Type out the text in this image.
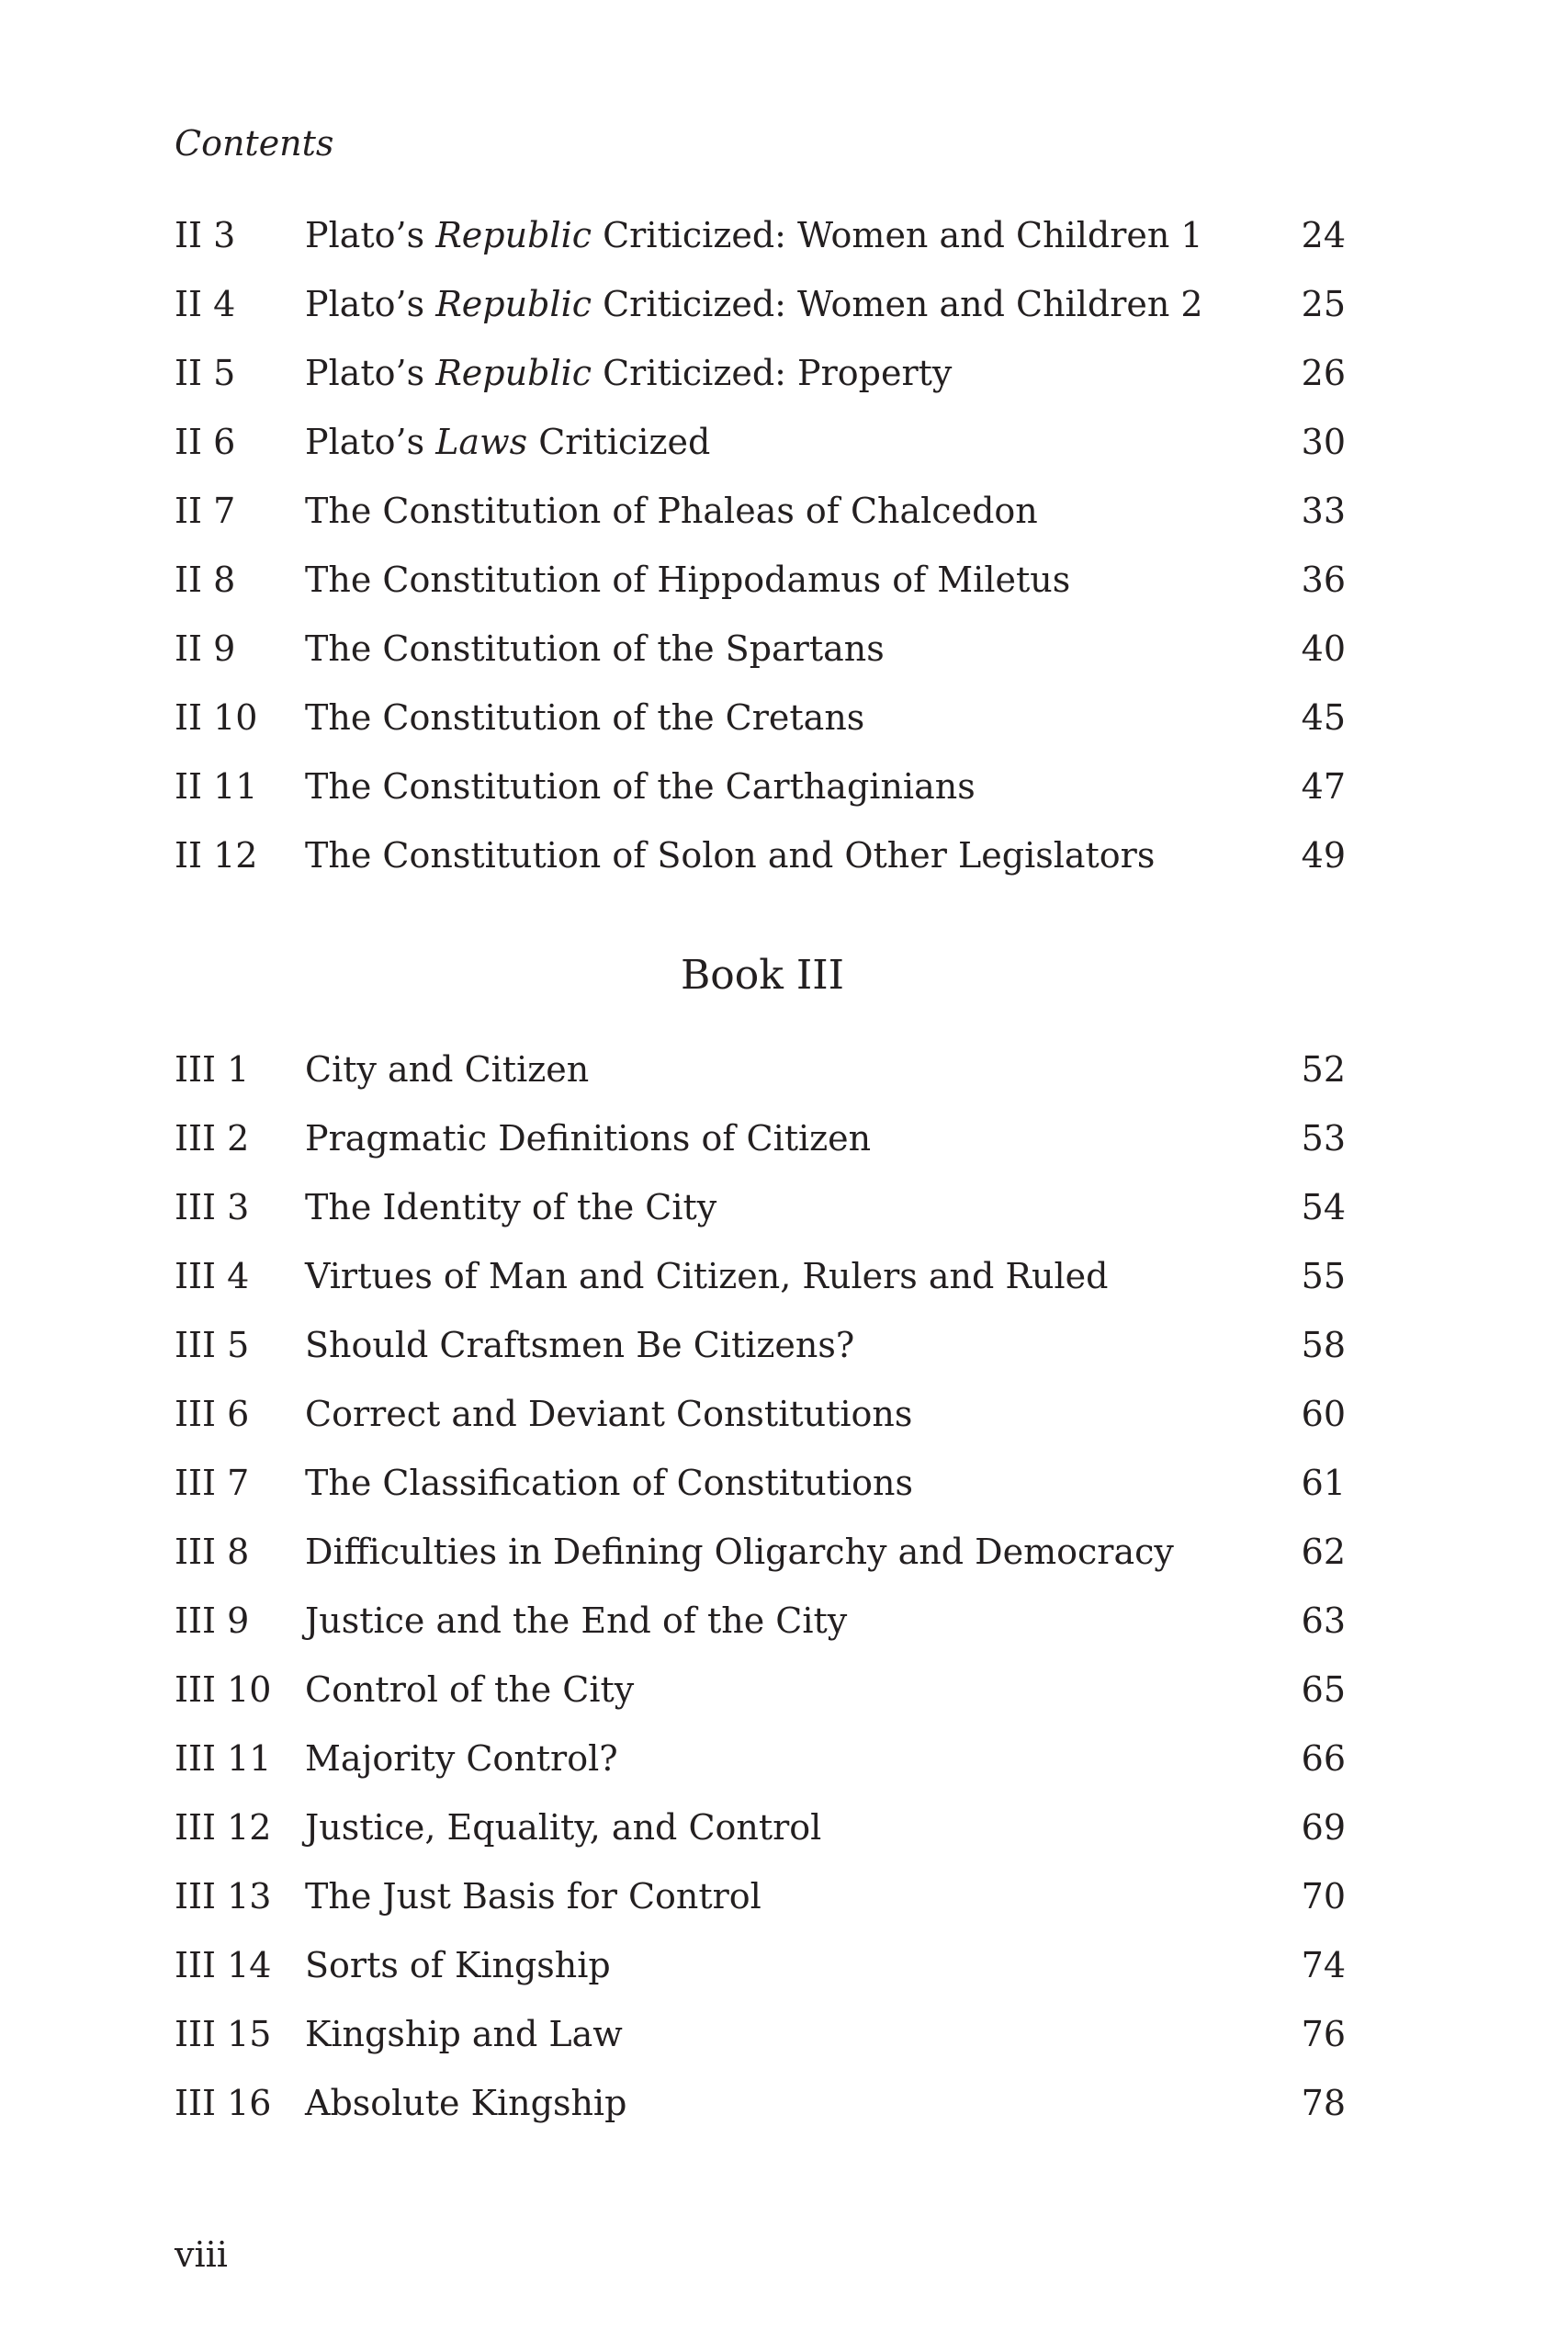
Contents
II 3 Plato’s Republic Criticized: Women and Children 1	24
II 4 Plato’s Republic Criticized: Women and Children 2	25
II 5 Plato’s Republic Criticized: Property	26
II 6 Plato’s Laws Criticized	30
II 7 The Constitution of Phaleas of Chalcedon	33
II 8 The Constitution of Hippodamus of Miletus	36
II 9 The Constitution of the Spartans	40
II 10 The Constitution of the Cretans	45
II 11 The Constitution of the Carthaginians	47
II 12 The Constitution of Solon and Other Legislators	49
Book III
III 1 City and Citizen	52
III 2 Pragmatic Definitions of Citizen	53
III 3 The Identity of the City	54
III 4 Virtues of Man and Citizen, Rulers and Ruled	55
III 5 Should Craftsmen Be Citizens?	58
III 6 Correct and Deviant Constitutions	60
III 7 The Classification of Constitutions	61
III 8 Difficulties in Defining Oligarchy and Democracy	62
III 9 Justice and the End of the City	63
III 10 Control of the City	65
III 11 Majority Control?	66
III 12 Justice, Equality, and Control	69
III 13 The Just Basis for Control	70
III 14 Sorts of Kingship	74
III 15 Kingship and Law	76
III 16 Absolute Kingship	78
viii
